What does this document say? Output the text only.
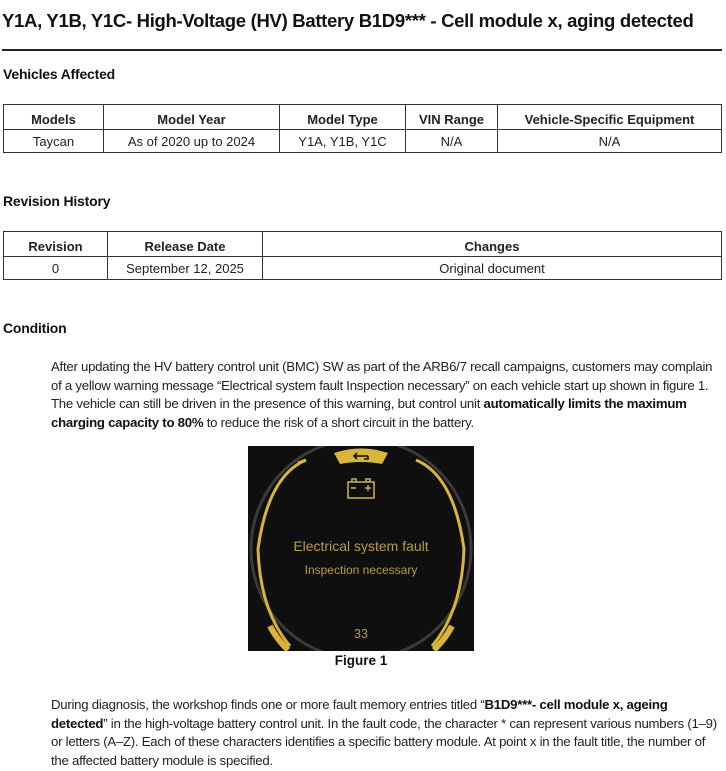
Y1A, Y1B, Y1C- High-Voltage (HV) Battery B1D9*** - Cell module x, aging detected
Vehicles Affected
Models	Model Year	Model Type	VIN Range	Vehicle-Specific Equipment
Taycan	As of 2020 up to 2024	Y1A, Y1B, Y1C	N/A	N/A
Revision History
Revision	Release Date	Changes
0	September 12, 2025	Original document
Condition
After updating the HV battery control unit (BMC) SW as part of the ARB6/7 recall campaigns, customers may complain of a yellow warning message “Electrical system fault Inspection necessary” on each vehicle start up shown in figure 1. The vehicle can still be driven in the presence of this warning, but control unit automatically limits the maximum charging capacity to 80% to reduce the risk of a short circuit in the battery.
Electrical system fault
Inspection necessary
33
Figure 1
During diagnosis, the workshop finds one or more fault memory entries titled “B1D9***- cell module x, ageing detected” in the high-voltage battery control unit. In the fault code, the character * can represent various numbers (1–9) or letters (A–Z). Each of these characters identifies a specific battery module. At point x in the fault title, the number of the affected battery module is specified.
